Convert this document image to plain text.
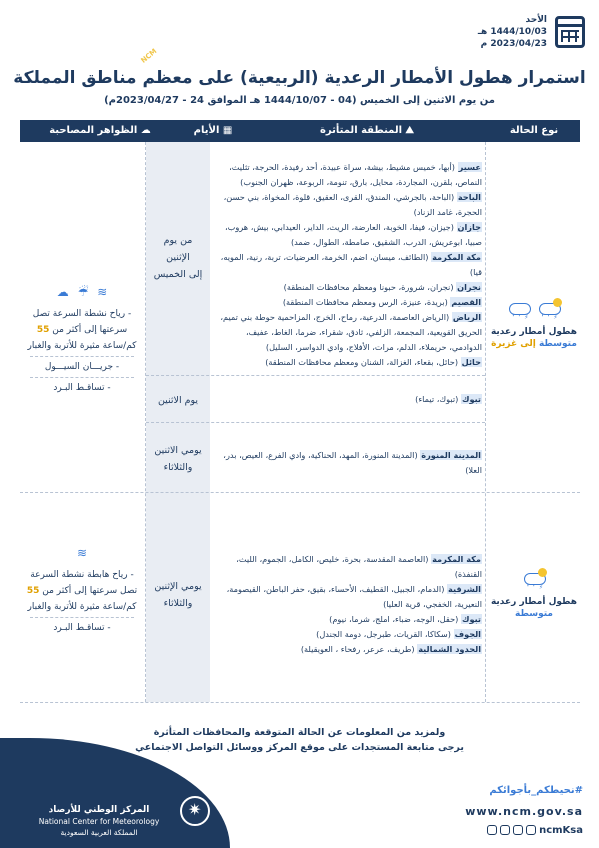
NCM
الأحد
1444/10/03 هـ
2023/04/23 م
استمرار هطول الأمطار الرعدية (الربيعية) على معظم مناطق المملكة
من يوم الاثنين إلى الخميس (04 - 1444/10/07 هـ الموافق 24 - 2023/04/27م)
نوع الحالة
⛰ المنطقة المتأثرة
▦ الأيام
☁ الظواهر المصاحبة
⚡ ' '

⚡ ' '
هطول أمطار رعدية
متوسطة إلى غزيرة
من يوم
الإثنين
إلى الخميس
عسير (أبها، خميس مشيط، بيشة، سراة عبيدة، أحد رفيدة، الحرجة، تثليث،
النماص، بلقرن، المجاردة، محايل، بارق، تنومة، الربوعة، ظهران الجنوب)
الباحة (الباحة، بالجرشي، المندق، القرى، العقيق، قلوة، المخواة، بني حسن،
الحجرة، غامد الزناد)
جازان (جيزان، فيفا، الخوبة، العارضة، الريث، الداير، العيدابي، بيش، هروب،
صبيا، ابوعريش، الدرب، الشقيق، صامطة، الطوال، ضمد)
مكة المكرمة (الطائف، ميسان، اضم، الخرمة، العرضيات، تربة، رنية، المويه،
قيا)
نجران (نجران، شرورة، حبونا ومعظم محافظات المنطقة)
القصيم (بريدة، عنيزة، الرس ومعظم محافظات المنطقة)
الرياض (الرياض العاصمة، الدرعية، رماح، الخرج، المزاحمية حوطة بني تميم،
الحريق القويعية، المجمعة، الزلفي، ثادق، شقراء، ضرما، الغاط، عفيف،
الدوادمي، حريملاء، الدلم، مرات، الأفلاج، وادي الدواسر، السليل)
حائل (حائل، بقعاء، الغزالة، الشنان ومعظم محافظات المنطقة)
يوم الاثنين	تبوك (تبوك، تيماء)
يومي الاثنين
والثلاثاء
المدينة المنورة (المدينة المنورة، المهد، الحناكية، وادي الفرع، العيص، بدر،
العلا)
≋ ☔ ☁
- رياح نشطة السرعة تصل
سرعتها إلى أكثر من 55
كم/ساعة مثيرة للأتربة والغبار
- جريـــان السيـــول
- تساقـط البـرد
⚡ ' '
هطول أمطار رعدية
متوسطة
يومي الإثنين
والثلاثاء
مكة المكرمة (العاصمة المقدسة، بحرة، خليص، الكامل، الجموم، الليث،
القنفذة)
الشرقية (الدمام، الجبيل، القطيف، الأحساء، بقيق، حفر الباطن، القيصومة،
النعيرية، الخفجي، قرية العليا)
تبوك (حقل، الوجه، ضباء، املج، شرما، نيوم)
الجوف (سكاكا، القريات، طبرجل، دومة الجندل)
الحدود الشمالية (طريف، عرعر، رفحاء ، العويقيلة)
≋
- رياح هابطة نشطة السرعة
تصل سرعتها إلى أكثر من 55
كم/ساعة مثيرة للأتربة والغبار
- تساقـط البـرد
ولمزيد من المعلومات عن الحالة المتوقعة والمحافظات المتأثرة
يرجى متابعة المستجدات على موقع المركز ووسائل التواصل الاجتماعي
المركز الوطني للأرصاد
National Center for Meteorology
المملكة العربية السعودية
✷
#نحيطكم_بأجوائكم
www.ncm.gov.sa
ncmKsa
